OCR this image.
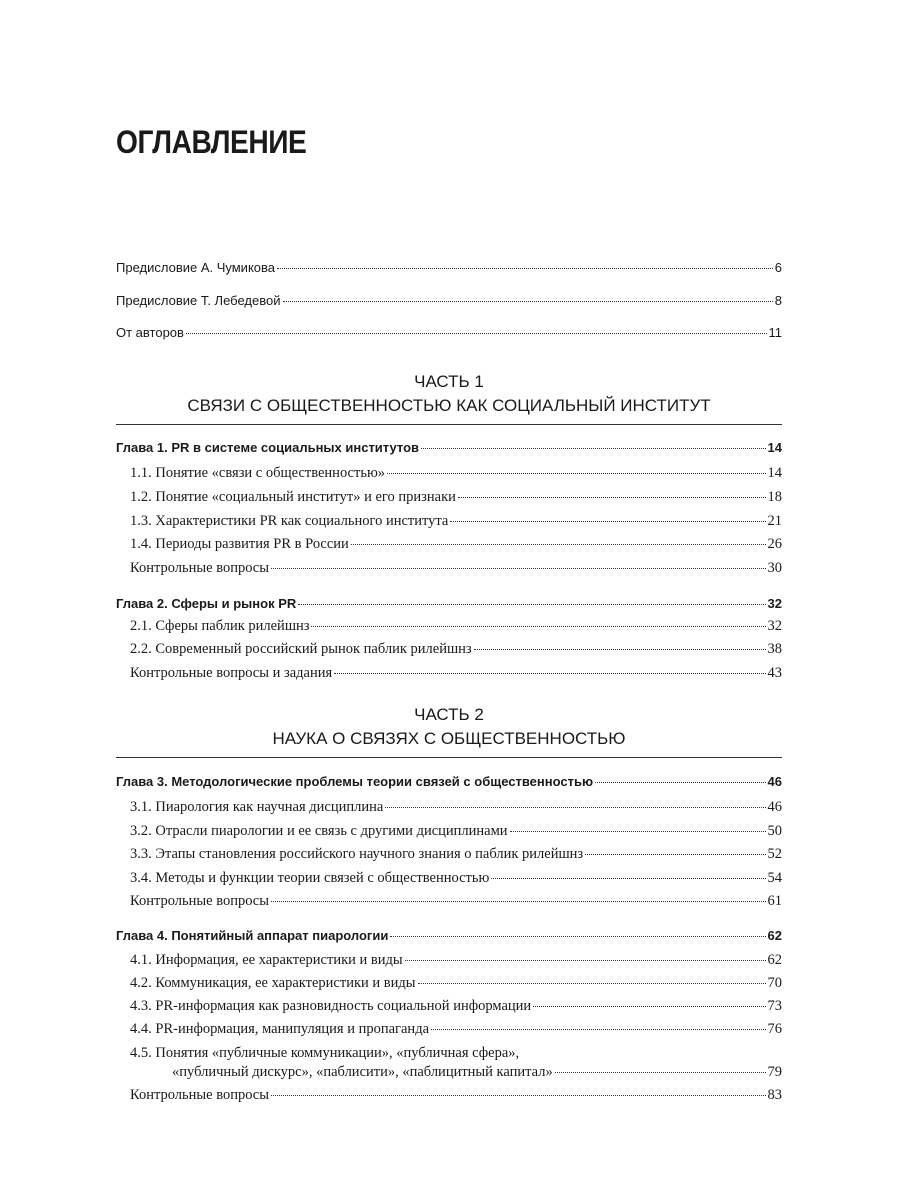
ОГЛАВЛЕНИЕ
Предисловие А. Чумикова	6
Предисловие Т. Лебедевой	8
От авторов	11
ЧАСТЬ 1
СВЯЗИ С ОБЩЕСТВЕННОСТЬЮ КАК СОЦИАЛЬНЫЙ ИНСТИТУТ
Глава 1. PR в системе социальных институтов	14
1.1. Понятие «связи с общественностью»	14
1.2. Понятие «социальный институт» и его признаки	18
1.3. Характеристики PR как социального института	21
1.4. Периоды развития PR в России	26
Контрольные вопросы	30
Глава 2. Сферы и рынок PR	32
2.1. Сферы паблик рилейшнз	32
2.2. Современный российский рынок паблик рилейшнз	38
Контрольные вопросы и задания	43
ЧАСТЬ 2
НАУКА О СВЯЗЯХ С ОБЩЕСТВЕННОСТЬЮ
Глава 3. Методологические проблемы теории связей с общественностью	46
3.1. Пиарология как научная дисциплина	46
3.2. Отрасли пиарологии и ее связь с другими дисциплинами	50
3.3. Этапы становления российского научного знания о паблик рилейшнз	52
3.4. Методы и функции теории связей с общественностью	54
Контрольные вопросы	61
Глава 4. Понятийный аппарат пиарологии	62
4.1. Информация, ее характеристики и виды	62
4.2. Коммуникация, ее характеристики и виды	70
4.3. PR-информация как разновидность социальной информации	73
4.4. PR-информация, манипуляция и пропаганда	76
4.5. Понятия «публичные коммуникации», «публичная сфера»,
«публичный дискурс», «паблисити», «паблицитный капитал»	79
Контрольные вопросы	83
